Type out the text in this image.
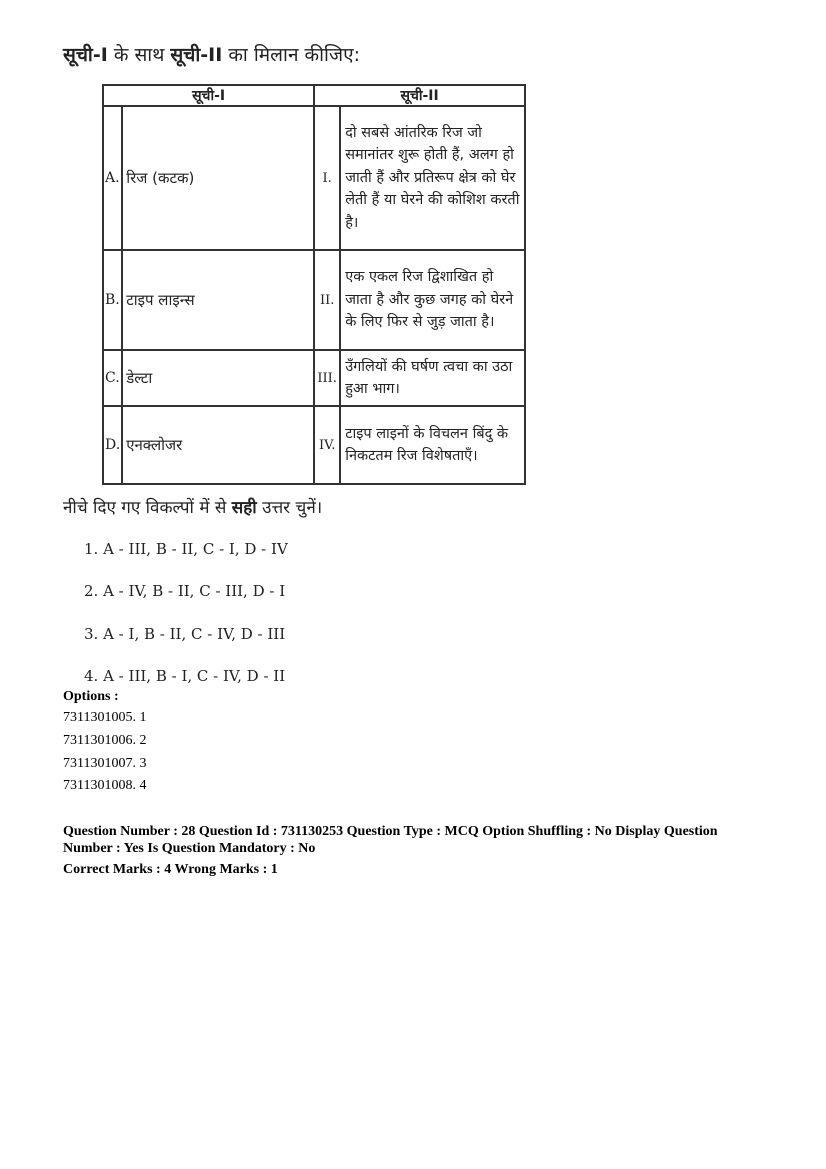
सूची-I के साथ सूची-II का मिलान कीजिए:
सूची-I		सूची-II	
A.	रिज (कटक)	I.	दो सबसे आंतरिक रिज जो समानांतर शुरू होती हैं, अलग हो जाती हैं और प्रतिरूप क्षेत्र को घेर लेती हैं या घेरने की कोशिश करती है।
B.	टाइप लाइन्स	II.	एक एकल रिज द्विशाखित हो जाता है और कुछ जगह को घेरने के लिए फिर से जुड़ जाता है।
C.	डेल्टा	III.	उँगलियों की घर्षण त्वचा का उठा हुआ भाग।
D.	एनक्लोजर	IV.	टाइप लाइनों के विचलन बिंदु के निकटतम रिज विशेषताएँ।
नीचे दिए गए विकल्पों में से सही उत्तर चुनें।
1. A - III, B - II, C - I, D - IV
2. A - IV, B - II, C - III, D - I
3. A - I, B - II, C - IV, D - III
4. A - III, B - I, C - IV, D - II
Options :
7311301005. 1
7311301006. 2
7311301007. 3
7311301008. 4
Question Number : 28 Question Id : 731130253 Question Type : MCQ Option Shuffling : No Display Question
Number : Yes Is Question Mandatory : No
Correct Marks : 4 Wrong Marks : 1
